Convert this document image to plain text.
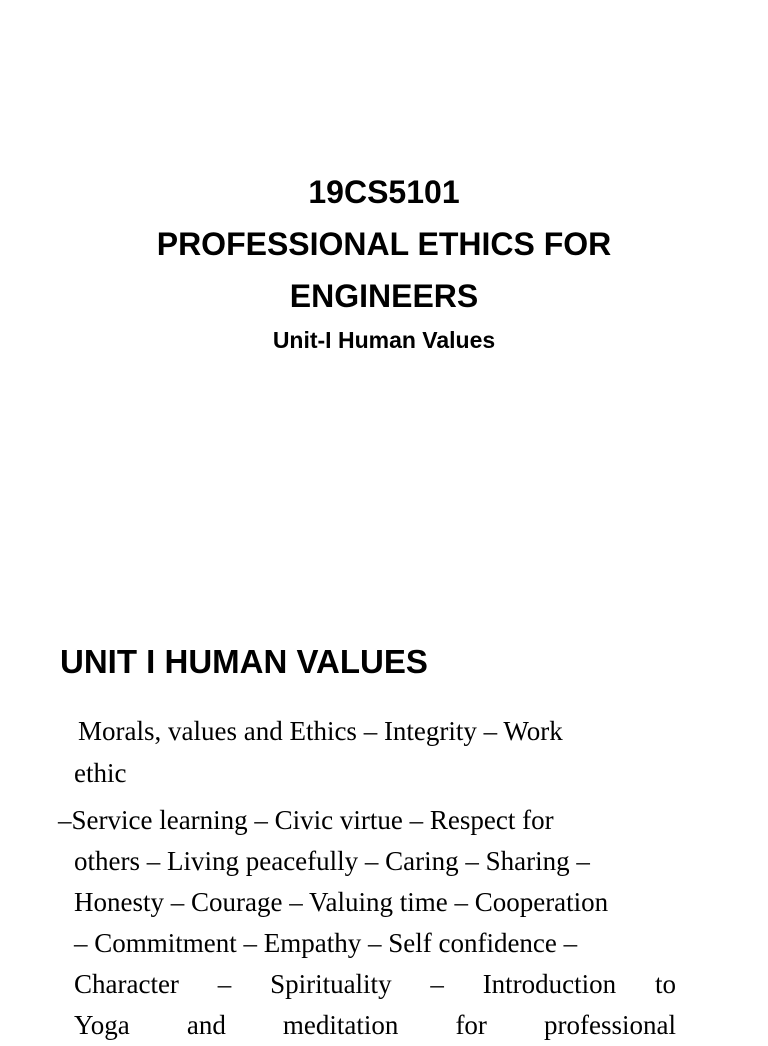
19CS5101
PROFESSIONAL ETHICS FOR
ENGINEERS
Unit-I Human Values
UNIT I HUMAN VALUES
Morals, values and Ethics – Integrity – Work
ethic
–Service learning – Civic virtue – Respect for
others – Living peacefully – Caring – Sharing –
Honesty – Courage – Valuing time – Cooperation
– Commitment – Empathy – Self confidence –
Character – Spirituality – Introduction to
Yoga and meditation for professional
